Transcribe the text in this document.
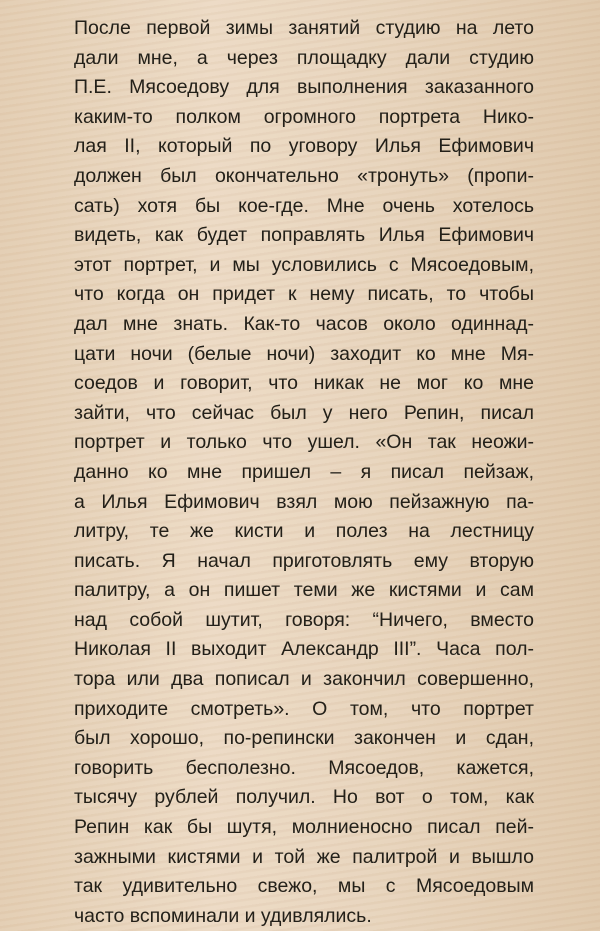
После первой зимы занятий студию на лето
дали мне, а через площадку дали студию
П.Е. Мясоедову для выполнения заказанного
каким-то полком огромного портрета Нико-
лая II, который по уговору Илья Ефимович
должен был окончательно «тронуть» (пропи-
сать) хотя бы кое-где. Мне очень хотелось
видеть, как будет поправлять Илья Ефимович
этот портрет, и мы условились с Мясоедовым,
что когда он придет к нему писать, то чтобы
дал мне знать. Как-то часов около одиннад-
цати ночи (белые ночи) заходит ко мне Мя-
соедов и говорит, что никак не мог ко мне
зайти, что сейчас был у него Репин, писал
портрет и только что ушел. «Он так неожи-
данно ко мне пришел – я писал пейзаж,
а Илья Ефимович взял мою пейзажную па-
литру, те же кисти и полез на лестницу
писать. Я начал приготовлять ему вторую
палитру, а он пишет теми же кистями и сам
над собой шутит, говоря: “Ничего, вместо
Николая II выходит Александр III”. Часа пол-
тора или два пописал и закончил совершенно,
приходите смотреть». О том, что портрет
был хорошо, по-репински закончен и сдан,
говорить бесполезно. Мясоедов, кажется,
тысячу рублей получил. Но вот о том, как
Репин как бы шутя, молниеносно писал пей-
зажными кистями и той же палитрой и вышло
так удивительно свежо, мы с Мясоедовым
часто вспоминали и удивлялись.
